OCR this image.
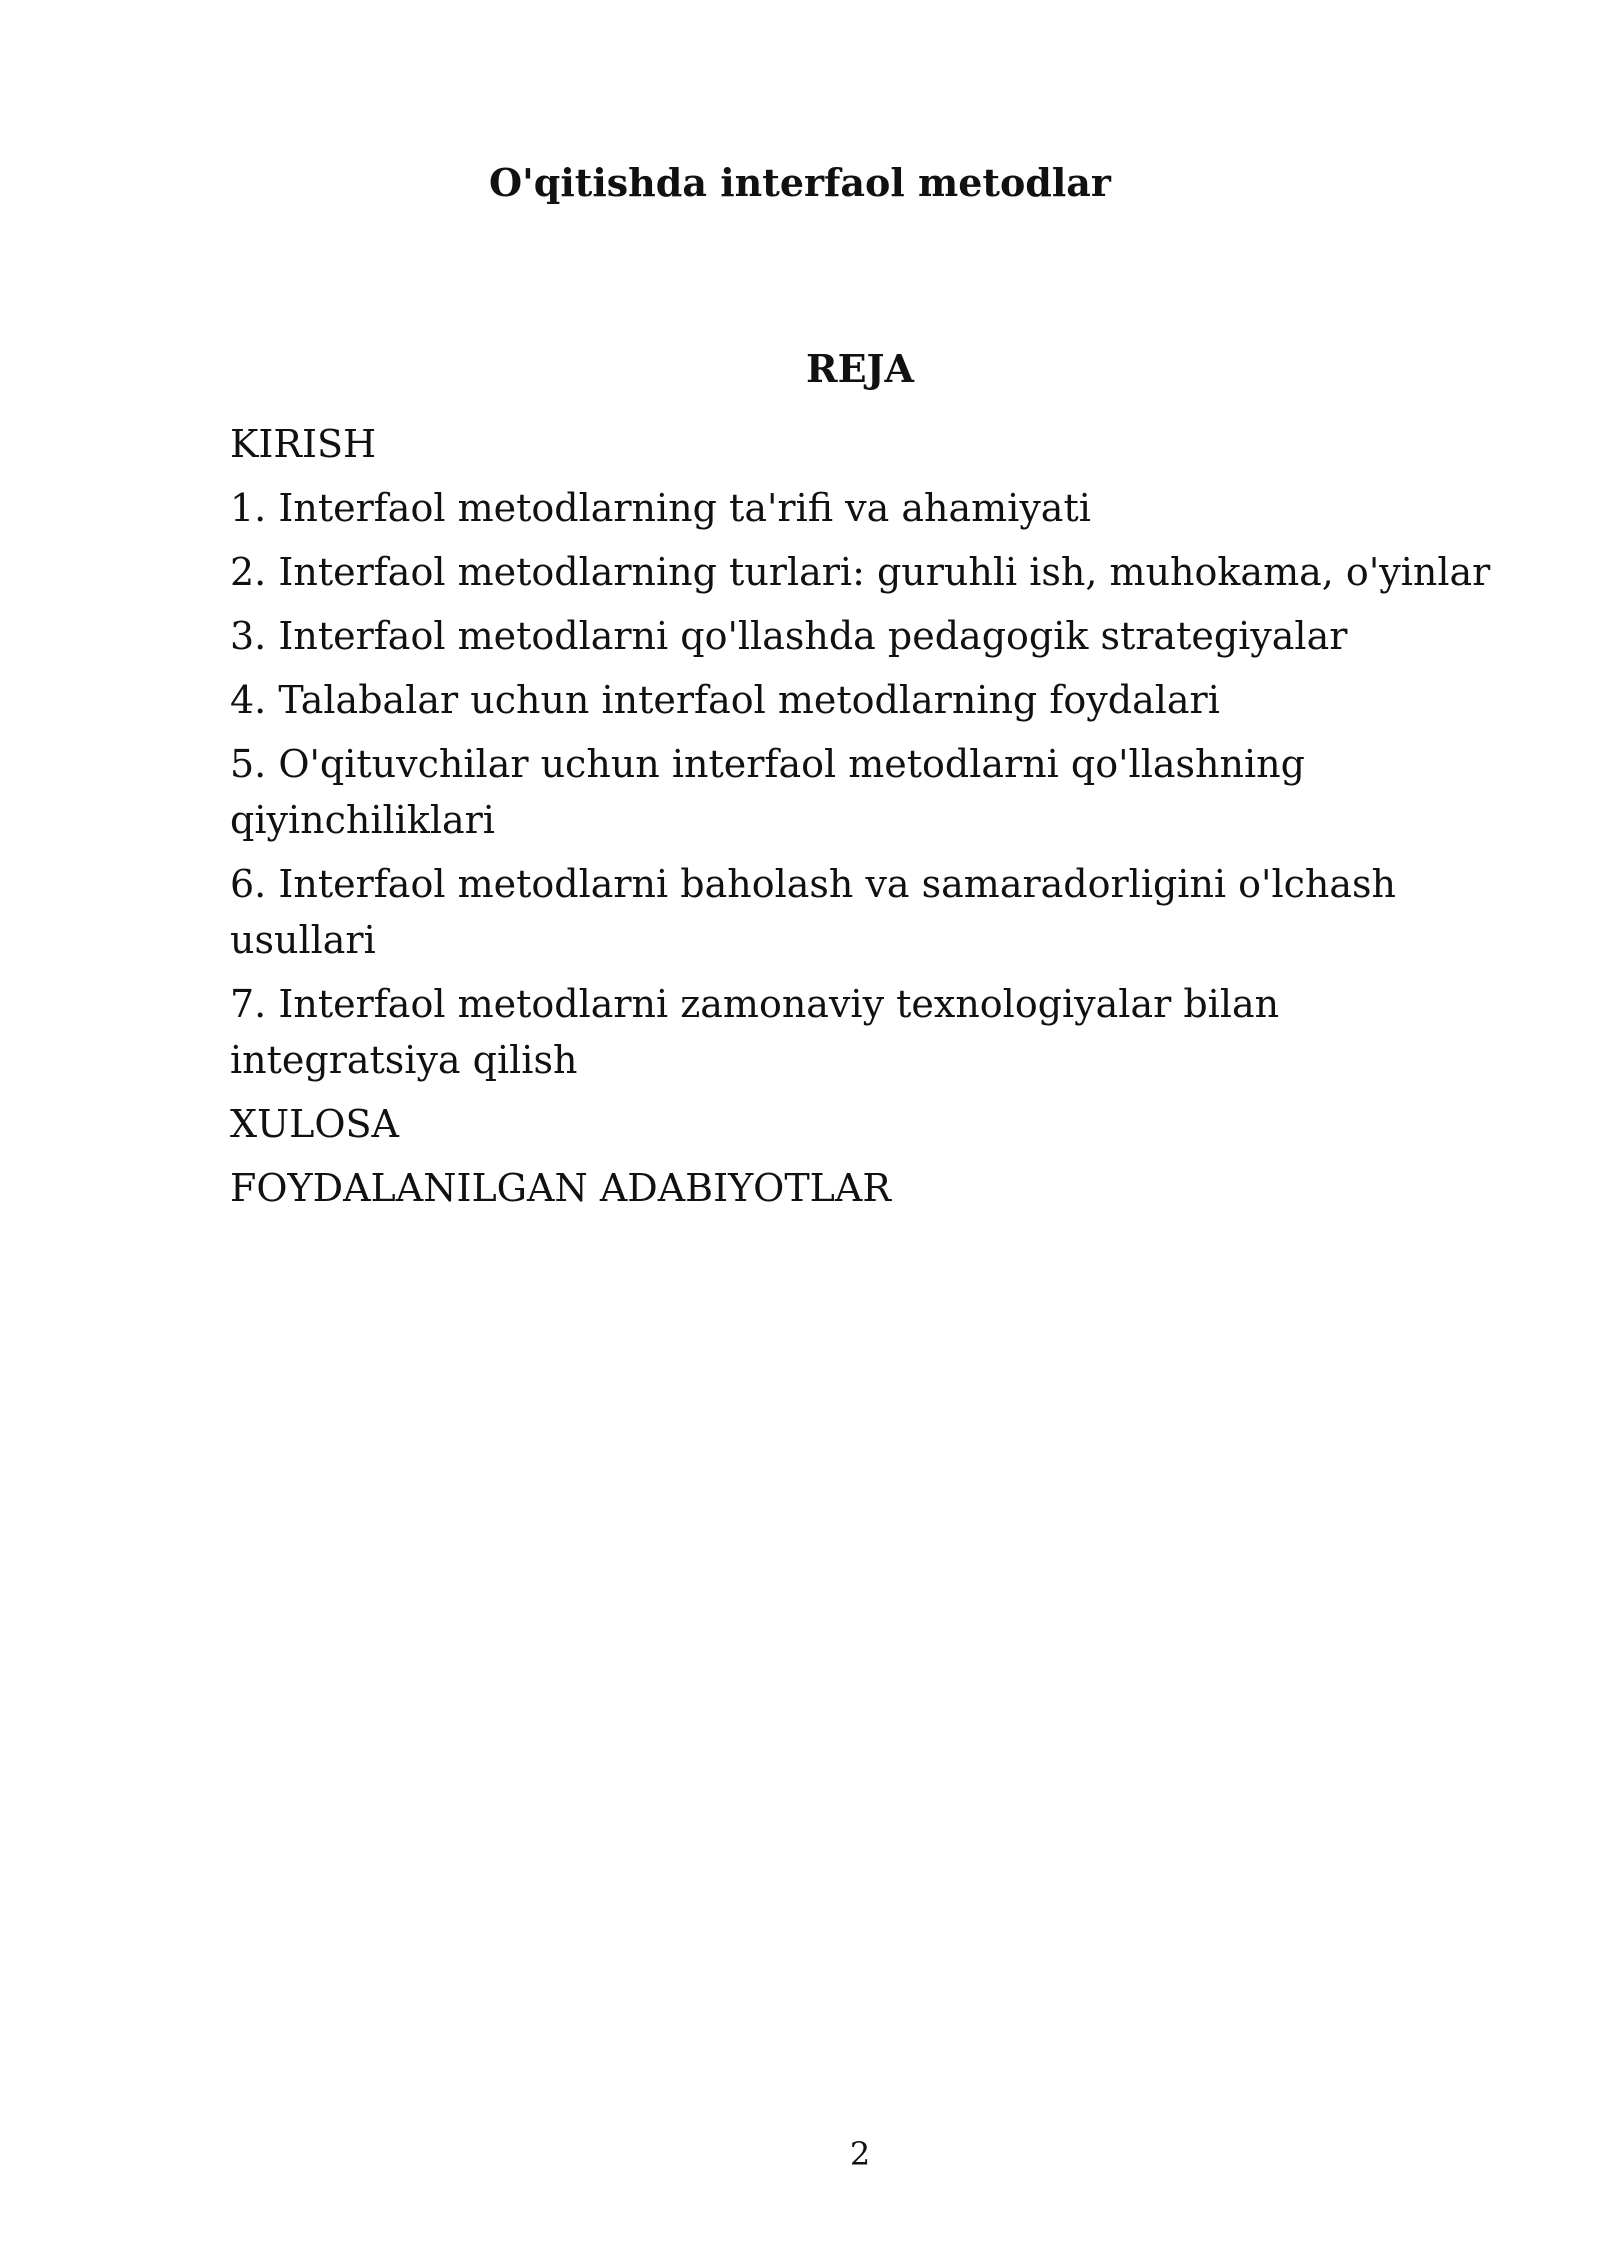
O'qitishda interfaol metodlar
REJA
KIRISH
1. Interfaol metodlarning ta'rifi va ahamiyati
2. Interfaol metodlarning turlari: guruhli ish, muhokama, o'yinlar
3. Interfaol metodlarni qo'llashda pedagogik strategiyalar
4. Talabalar uchun interfaol metodlarning foydalari
5. O'qituvchilar uchun interfaol metodlarni qo'llashning qiyinchiliklari
6. Interfaol metodlarni baholash va samaradorligini o'lchash usullari
7. Interfaol metodlarni zamonaviy texnologiyalar bilan integratsiya qilish
XULOSA
FOYDALANILGAN ADABIYOTLAR
2
